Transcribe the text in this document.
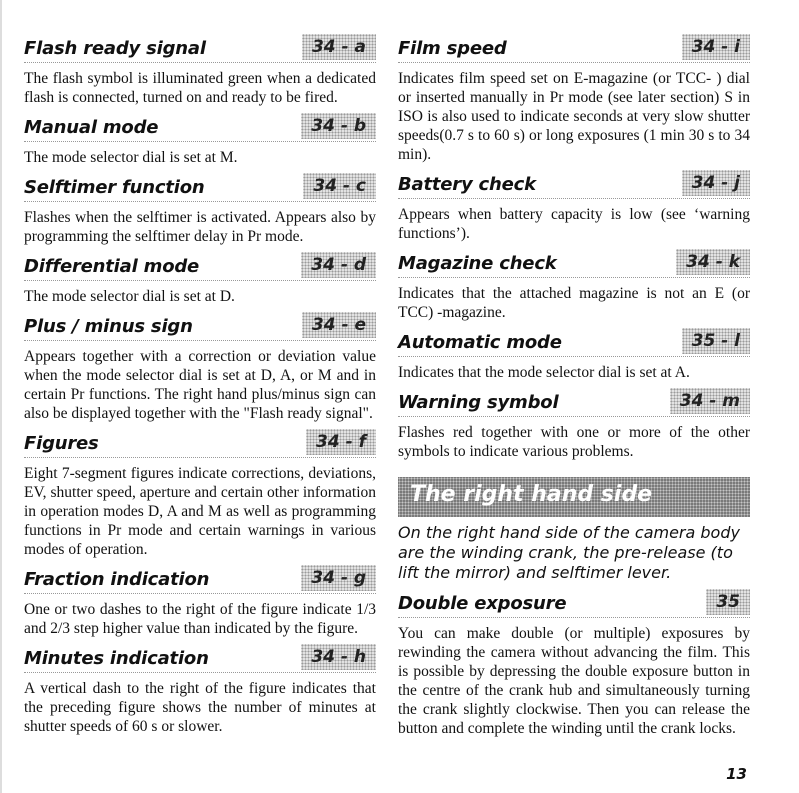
Flash ready signal	34 - a

The flash symbol is illuminated green when a dedicated flash is connected, turned on and ready to be fired.

Manual mode	34 - b

The mode selector dial is set at M.

Selftimer function	34 - c

Flashes when the selftimer is activated. Appears also by programming the selftimer delay in Pr mode.

Differential mode	34 - d

The mode selector dial is set at D.

Plus / minus sign	34 - e

Appears together with a correction or deviation value when the mode selector dial is set at D, A, or M and in certain Pr functions. The right hand plus/minus sign can also be displayed together with the "Flash ready signal".

Figures	34 - f

Eight 7-segment figures indicate corrections, deviations, EV, shutter speed, aperture and certain other information in operation modes D, A and M as well as programming functions in Pr mode and certain warnings in various modes of operation.

Fraction indication	34 - g

One or two dashes to the right of the figure indicate 1/3 and 2/3 step higher value than indicated by the figure.

Minutes indication	34 - h

A vertical dash to the right of the figure indicates that the preceding figure shows the number of minutes at shutter speeds of 60 s or slower.

Film speed	34 - i

Indicates film speed set on E-magazine (or TCC- ) dial or inserted manually in Pr mode (see later section) S in ISO is also used to indicate seconds at very slow shutter speeds(0.7 s to 60 s) or long exposures (1 min 30 s to 34 min).

Battery check	34 - j

Appears when battery capacity is low (see ‘warning functions’).

Magazine check	34 - k

Indicates that the attached magazine is not an E (or TCC) -magazine.

Automatic mode	35 - l

Indicates that the mode selector dial is set at A.

Warning symbol	34 - m

Flashes red together with one or more of the other symbols to indicate various problems.

The right hand side

On the right hand side of the camera body are the winding crank, the pre-release (to lift the mirror) and selftimer lever.

Double exposure	35

You can make double (or multiple) exposures by rewinding the camera without advancing the film. This is possible by depressing the double exposure button in the centre of the crank hub and simultaneously turning the crank slightly clockwise. Then you can release the button and complete the winding until the crank locks.

13
